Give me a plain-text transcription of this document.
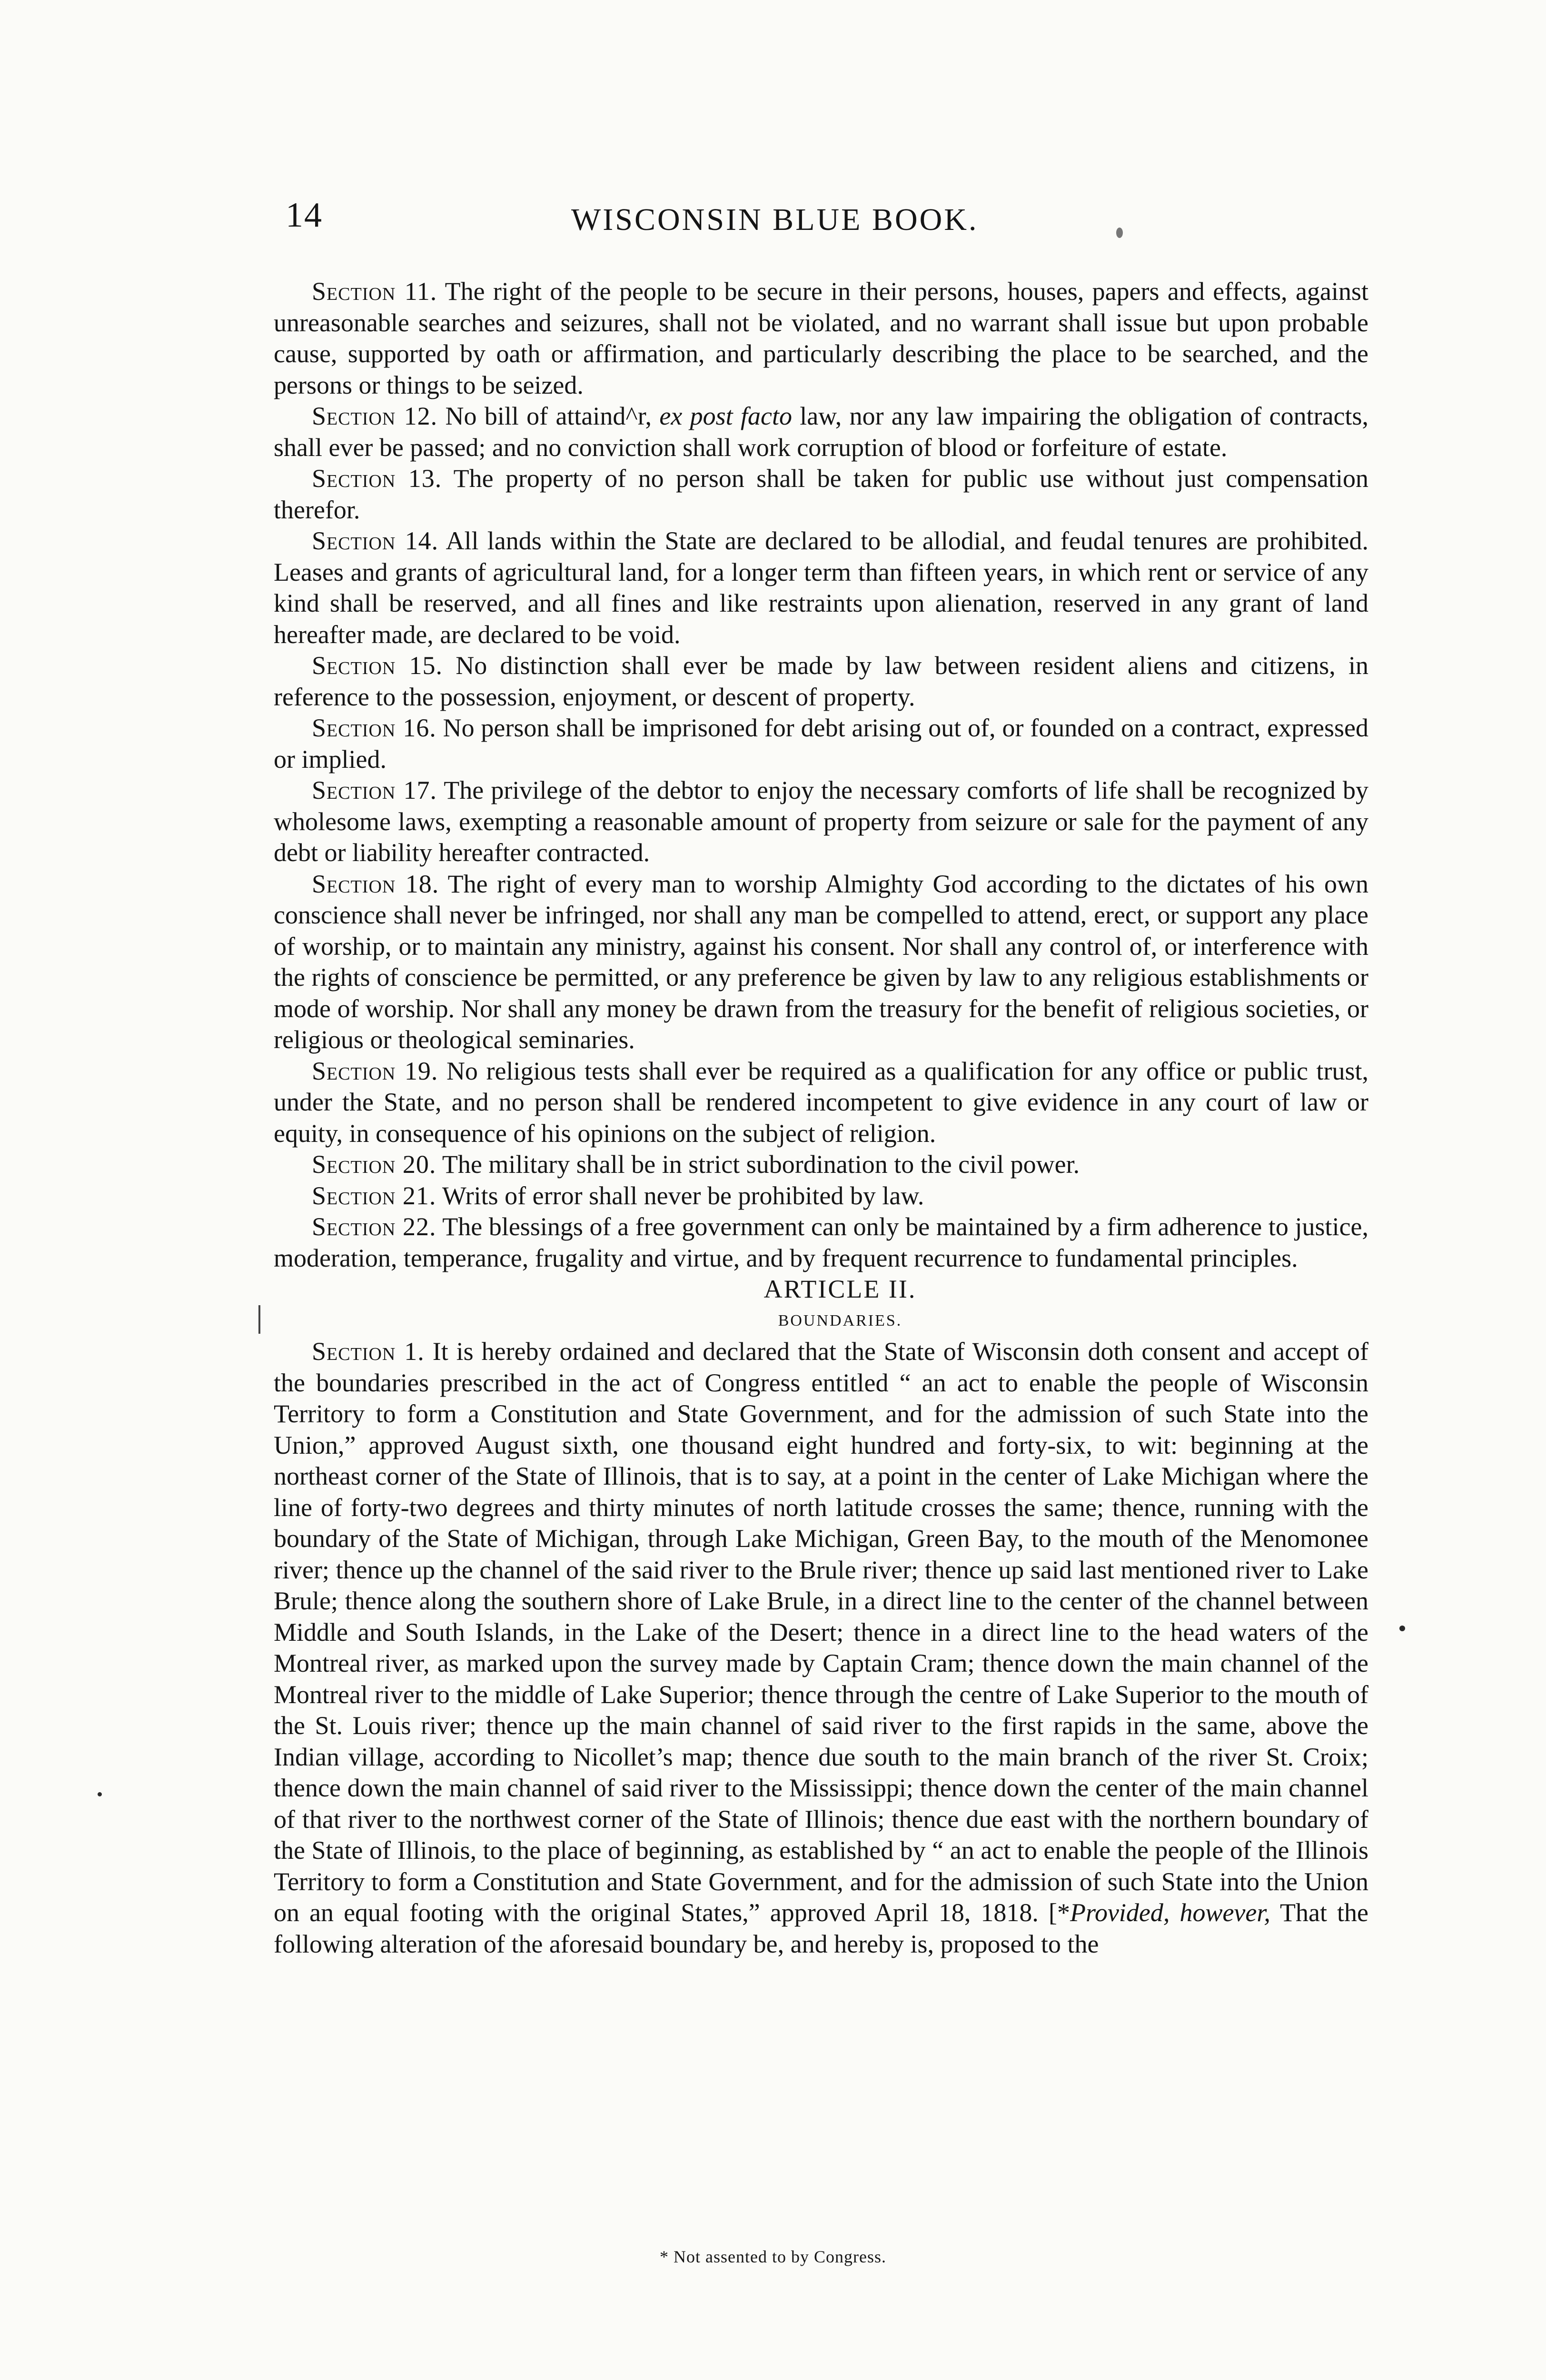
14	WISCONSIN BLUE BOOK.

Section 11. The right of the people to be secure in their persons, houses, papers and effects, against unreasonable searches and seizures, shall not be violated, and no warrant shall issue but upon probable cause, supported by oath or affirmation, and particularly describing the place to be searched, and the persons or things to be seized.

Section 12. No bill of attaind^r, ex post facto law, nor any law impairing the obligation of contracts, shall ever be passed; and no conviction shall work corruption of blood or forfeiture of estate.

Section 13. The property of no person shall be taken for public use without just compensation therefor.

Section 14. All lands within the State are declared to be allodial, and feudal tenures are prohibited. Leases and grants of agricultural land, for a longer term than fifteen years, in which rent or service of any kind shall be reserved, and all fines and like restraints upon alienation, reserved in any grant of land hereafter made, are declared to be void.

Section 15. No distinction shall ever be made by law between resident aliens and citizens, in reference to the possession, enjoyment, or descent of property.

Section 16. No person shall be imprisoned for debt arising out of, or founded on a contract, expressed or implied.

Section 17. The privilege of the debtor to enjoy the necessary comforts of life shall be recognized by wholesome laws, exempting a reasonable amount of property from seizure or sale for the payment of any debt or liability hereafter contracted.

Section 18. The right of every man to worship Almighty God according to the dictates of his own conscience shall never be infringed, nor shall any man be compelled to attend, erect, or support any place of worship, or to maintain any ministry, against his consent. Nor shall any control of, or interference with the rights of conscience be permitted, or any preference be given by law to any religious establishments or mode of worship. Nor shall any money be drawn from the treasury for the benefit of religious societies, or religious or theological seminaries.

Section 19. No religious tests shall ever be required as a qualification for any office or public trust, under the State, and no person shall be rendered incompetent to give evidence in any court of law or equity, in consequence of his opinions on the subject of religion.

Section 20. The military shall be in strict subordination to the civil power.

Section 21. Writs of error shall never be prohibited by law.

Section 22. The blessings of a free government can only be maintained by a firm adherence to justice, moderation, temperance, frugality and virtue, and by frequent recurrence to fundamental principles.

ARTICLE II.

BOUNDARIES.

Section 1. It is hereby ordained and declared that the State of Wisconsin doth consent and accept of the boundaries prescribed in the act of Congress entitled “ an act to enable the people of Wisconsin Territory to form a Constitution and State Government, and for the admission of such State into the Union,” approved August sixth, one thousand eight hundred and forty-six, to wit: beginning at the northeast corner of the State of Illinois, that is to say, at a point in the center of Lake Michigan where the line of forty-two degrees and thirty minutes of north latitude crosses the same; thence, running with the boundary of the State of Michigan, through Lake Michigan, Green Bay, to the mouth of the Menomonee river; thence up the channel of the said river to the Brule river; thence up said last mentioned river to Lake Brule; thence along the southern shore of Lake Brule, in a direct line to the center of the channel between Middle and South Islands, in the Lake of the Desert; thence in a direct line to the head waters of the Montreal river, as marked upon the survey made by Captain Cram; thence down the main channel of the Montreal river to the middle of Lake Superior; thence through the centre of Lake Superior to the mouth of the St. Louis river; thence up the main channel of said river to the first rapids in the same, above the Indian village, according to Nicollet’s map; thence due south to the main branch of the river St. Croix; thence down the main channel of said river to the Mississippi; thence down the center of the main channel of that river to the northwest corner of the State of Illinois; thence due east with the northern boundary of the State of Illinois, to the place of beginning, as established by “ an act to enable the people of the Illinois Territory to form a Constitution and State Government, and for the admission of such State into the Union on an equal footing with the original States,” approved April 18, 1818. [*Provided, however, That the following alteration of the aforesaid boundary be, and hereby is, proposed to the

* Not assented to by Congress.
